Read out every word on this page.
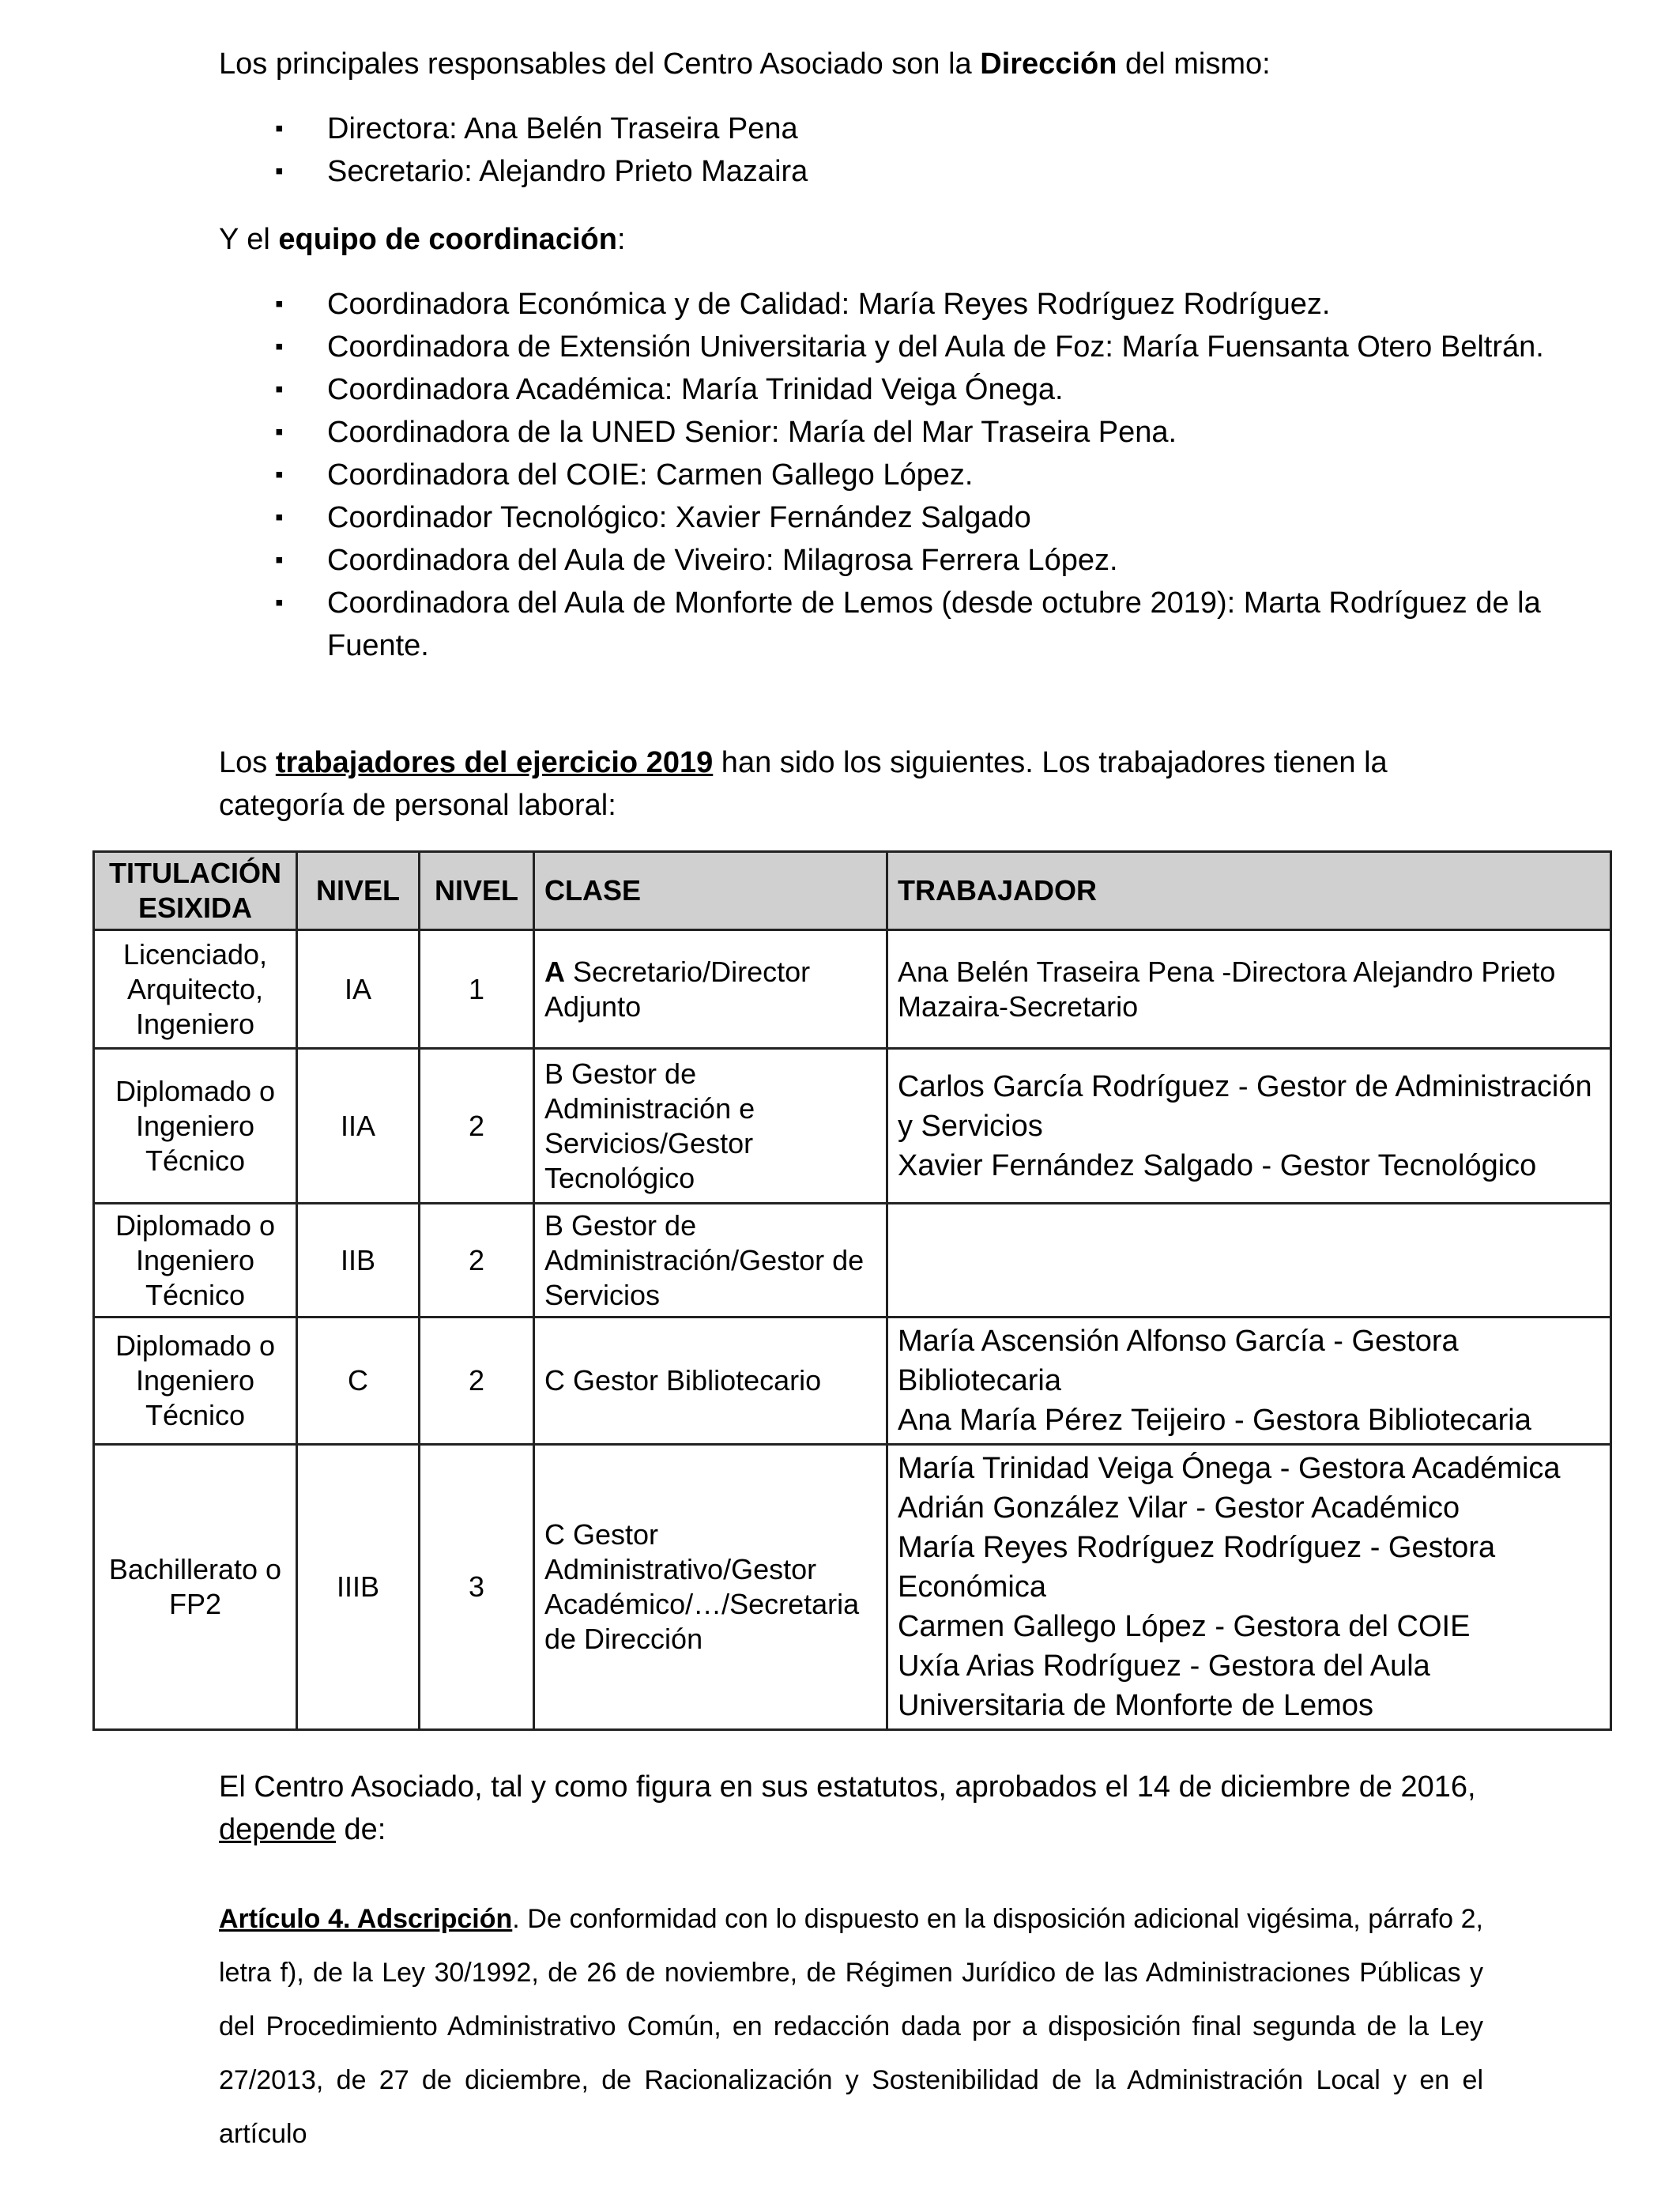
Los principales responsables del Centro Asociado son la Dirección del mismo:
▪ Directora: Ana Belén Traseira Pena
▪ Secretario: Alejandro Prieto Mazaira
Y el equipo de coordinación:
▪ Coordinadora Económica y de Calidad: María Reyes Rodríguez Rodríguez.
▪ Coordinadora de Extensión Universitaria y del Aula de Foz: María Fuensanta Otero Beltrán.
▪ Coordinadora Académica: María Trinidad Veiga Ónega.
▪ Coordinadora de la UNED Senior: María del Mar Traseira Pena.
▪ Coordinadora del COIE: Carmen Gallego López.
▪ Coordinador Tecnológico: Xavier Fernández Salgado
▪ Coordinadora del Aula de Viveiro: Milagrosa Ferrera López.
▪ Coordinadora del Aula de Monforte de Lemos (desde octubre 2019): Marta Rodríguez de la Fuente.
Los trabajadores del ejercicio 2019 han sido los siguientes. Los trabajadores tienen la categoría de personal laboral:
TITULACIÓN ESIXIDA	NIVEL	NIVEL	CLASE	TRABAJADOR
Licenciado, Arquitecto, Ingeniero	IA	1	A Secretario/Director Adjunto	Ana Belén Traseira Pena -Directora Alejandro Prieto Mazaira-Secretario

Diplomado o Ingeniero Técnico	IIA	2	B Gestor de Administración e Servicios/Gestor Tecnológico	Carlos García Rodríguez - Gestor de Administración y Servicios
Xavier Fernández Salgado - Gestor Tecnológico

Diplomado o Ingeniero Técnico	IIB	2	B Gestor de Administración/Gestor de Servicios	
Diplomado o Ingeniero Técnico	C	2	C Gestor Bibliotecario	María Ascensión Alfonso García - Gestora Bibliotecaria
Ana María Pérez Teijeiro - Gestora Bibliotecaria

Bachillerato o FP2	IIIB	3	C Gestor Administrativo/Gestor Académico/…/Secretaria de Dirección	María Trinidad Veiga Ónega - Gestora Académica
Adrián González Vilar - Gestor Académico
María Reyes Rodríguez Rodríguez - Gestora Económica
Carmen Gallego López - Gestora del COIE
Uxía Arias Rodríguez - Gestora del Aula Universitaria de Monforte de Lemos
El Centro Asociado, tal y como figura en sus estatutos, aprobados el 14 de diciembre de 2016, depende de:
Artículo 4. Adscripción. De conformidad con lo dispuesto en la disposición adicional vigésima, párrafo 2, letra f), de la Ley 30/1992, de 26 de noviembre, de Régimen Jurídico de las Administraciones Públicas y del Procedimiento Administrativo Común, en redacción dada por a disposición final segunda de la Ley 27/2013, de 27 de diciembre, de Racionalización y Sostenibilidad de la Administración Local y en el artículo
